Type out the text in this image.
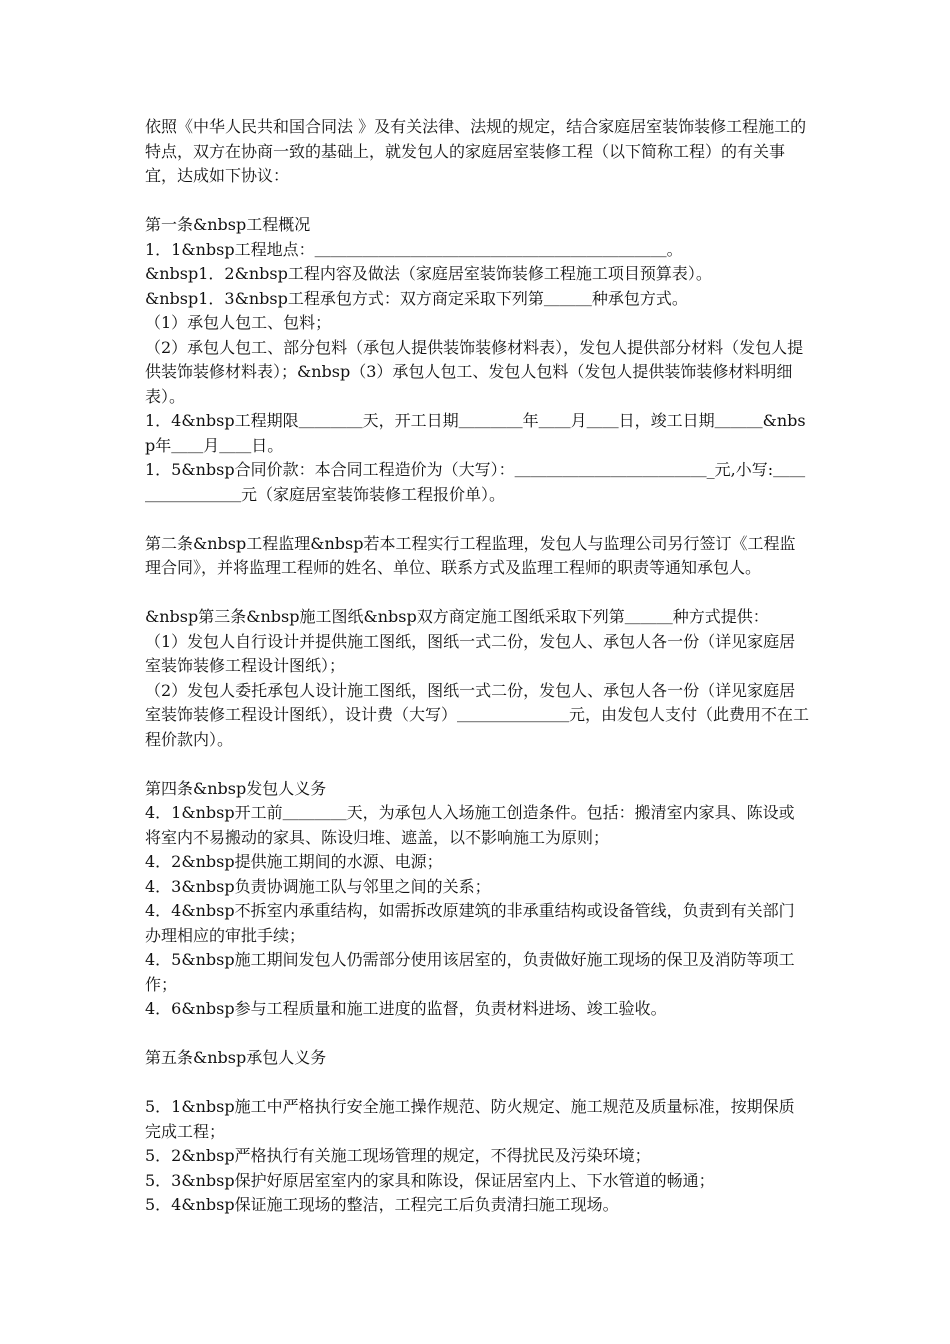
依照《中华人民共和国合同法 》及有关法律、法规的规定，结合家庭居室装饰装修工程施工的特点，双方在协商一致的基础上，就发包人的家庭居室装修工程（以下简称工程）的有关事宜，达成如下协议：

第一条&nbsp工程概况

1．1&nbsp工程地点：＿＿＿＿＿＿＿＿＿＿＿＿＿＿＿＿＿＿＿＿＿＿。

&nbsp1．2&nbsp工程内容及做法（家庭居室装饰装修工程施工项目预算表）。

&nbsp1．3&nbsp工程承包方式：双方商定采取下列第＿＿＿种承包方式。

（1）承包人包工、包料；

（2）承包人包工、部分包料（承包人提供装饰装修材料表），发包人提供部分材料（发包人提供装饰装修材料表）；&nbsp（3）承包人包工、发包人包料（发包人提供装饰装修材料明细表）。

1．4&nbsp工程期限＿＿＿＿天，开工日期＿＿＿＿年＿＿月＿＿日，竣工日期＿＿＿&nbsp年＿＿月＿＿日。

1．5&nbsp合同价款：本合同工程造价为（大写）：＿＿＿＿＿＿＿＿＿＿＿＿_元,小写:＿＿＿＿＿＿＿＿元（家庭居室装饰装修工程报价单）。

第二条&nbsp工程监理&nbsp若本工程实行工程监理，发包人与监理公司另行签订《工程监理合同》，并将监理工程师的姓名、单位、联系方式及监理工程师的职责等通知承包人。

&nbsp第三条&nbsp施工图纸&nbsp双方商定施工图纸采取下列第＿＿＿种方式提供：

（1）发包人自行设计并提供施工图纸，图纸一式二份，发包人、承包人各一份（详见家庭居室装饰装修工程设计图纸）；

（2）发包人委托承包人设计施工图纸，图纸一式二份，发包人、承包人各一份（详见家庭居室装饰装修工程设计图纸），设计费（大写）＿＿＿＿＿＿＿元，由发包人支付（此费用不在工程价款内）。

第四条&nbsp发包人义务

4．1&nbsp开工前＿＿＿＿天，为承包人入场施工创造条件。包括：搬清室内家具、陈设或将室内不易搬动的家具、陈设归堆、遮盖，以不影响施工为原则；

4．2&nbsp提供施工期间的水源、电源；

4．3&nbsp负责协调施工队与邻里之间的关系；

4．4&nbsp不拆室内承重结构，如需拆改原建筑的非承重结构或设备管线，负责到有关部门办理相应的审批手续；

4．5&nbsp施工期间发包人仍需部分使用该居室的，负责做好施工现场的保卫及消防等项工作；

4．6&nbsp参与工程质量和施工进度的监督，负责材料进场、竣工验收。

第五条&nbsp承包人义务

5．1&nbsp施工中严格执行安全施工操作规范、防火规定、施工规范及质量标准，按期保质完成工程；

5．2&nbsp严格执行有关施工现场管理的规定，不得扰民及污染环境；

5．3&nbsp保护好原居室室内的家具和陈设，保证居室内上、下水管道的畅通；

5．4&nbsp保证施工现场的整洁，工程完工后负责清扫施工现场。
